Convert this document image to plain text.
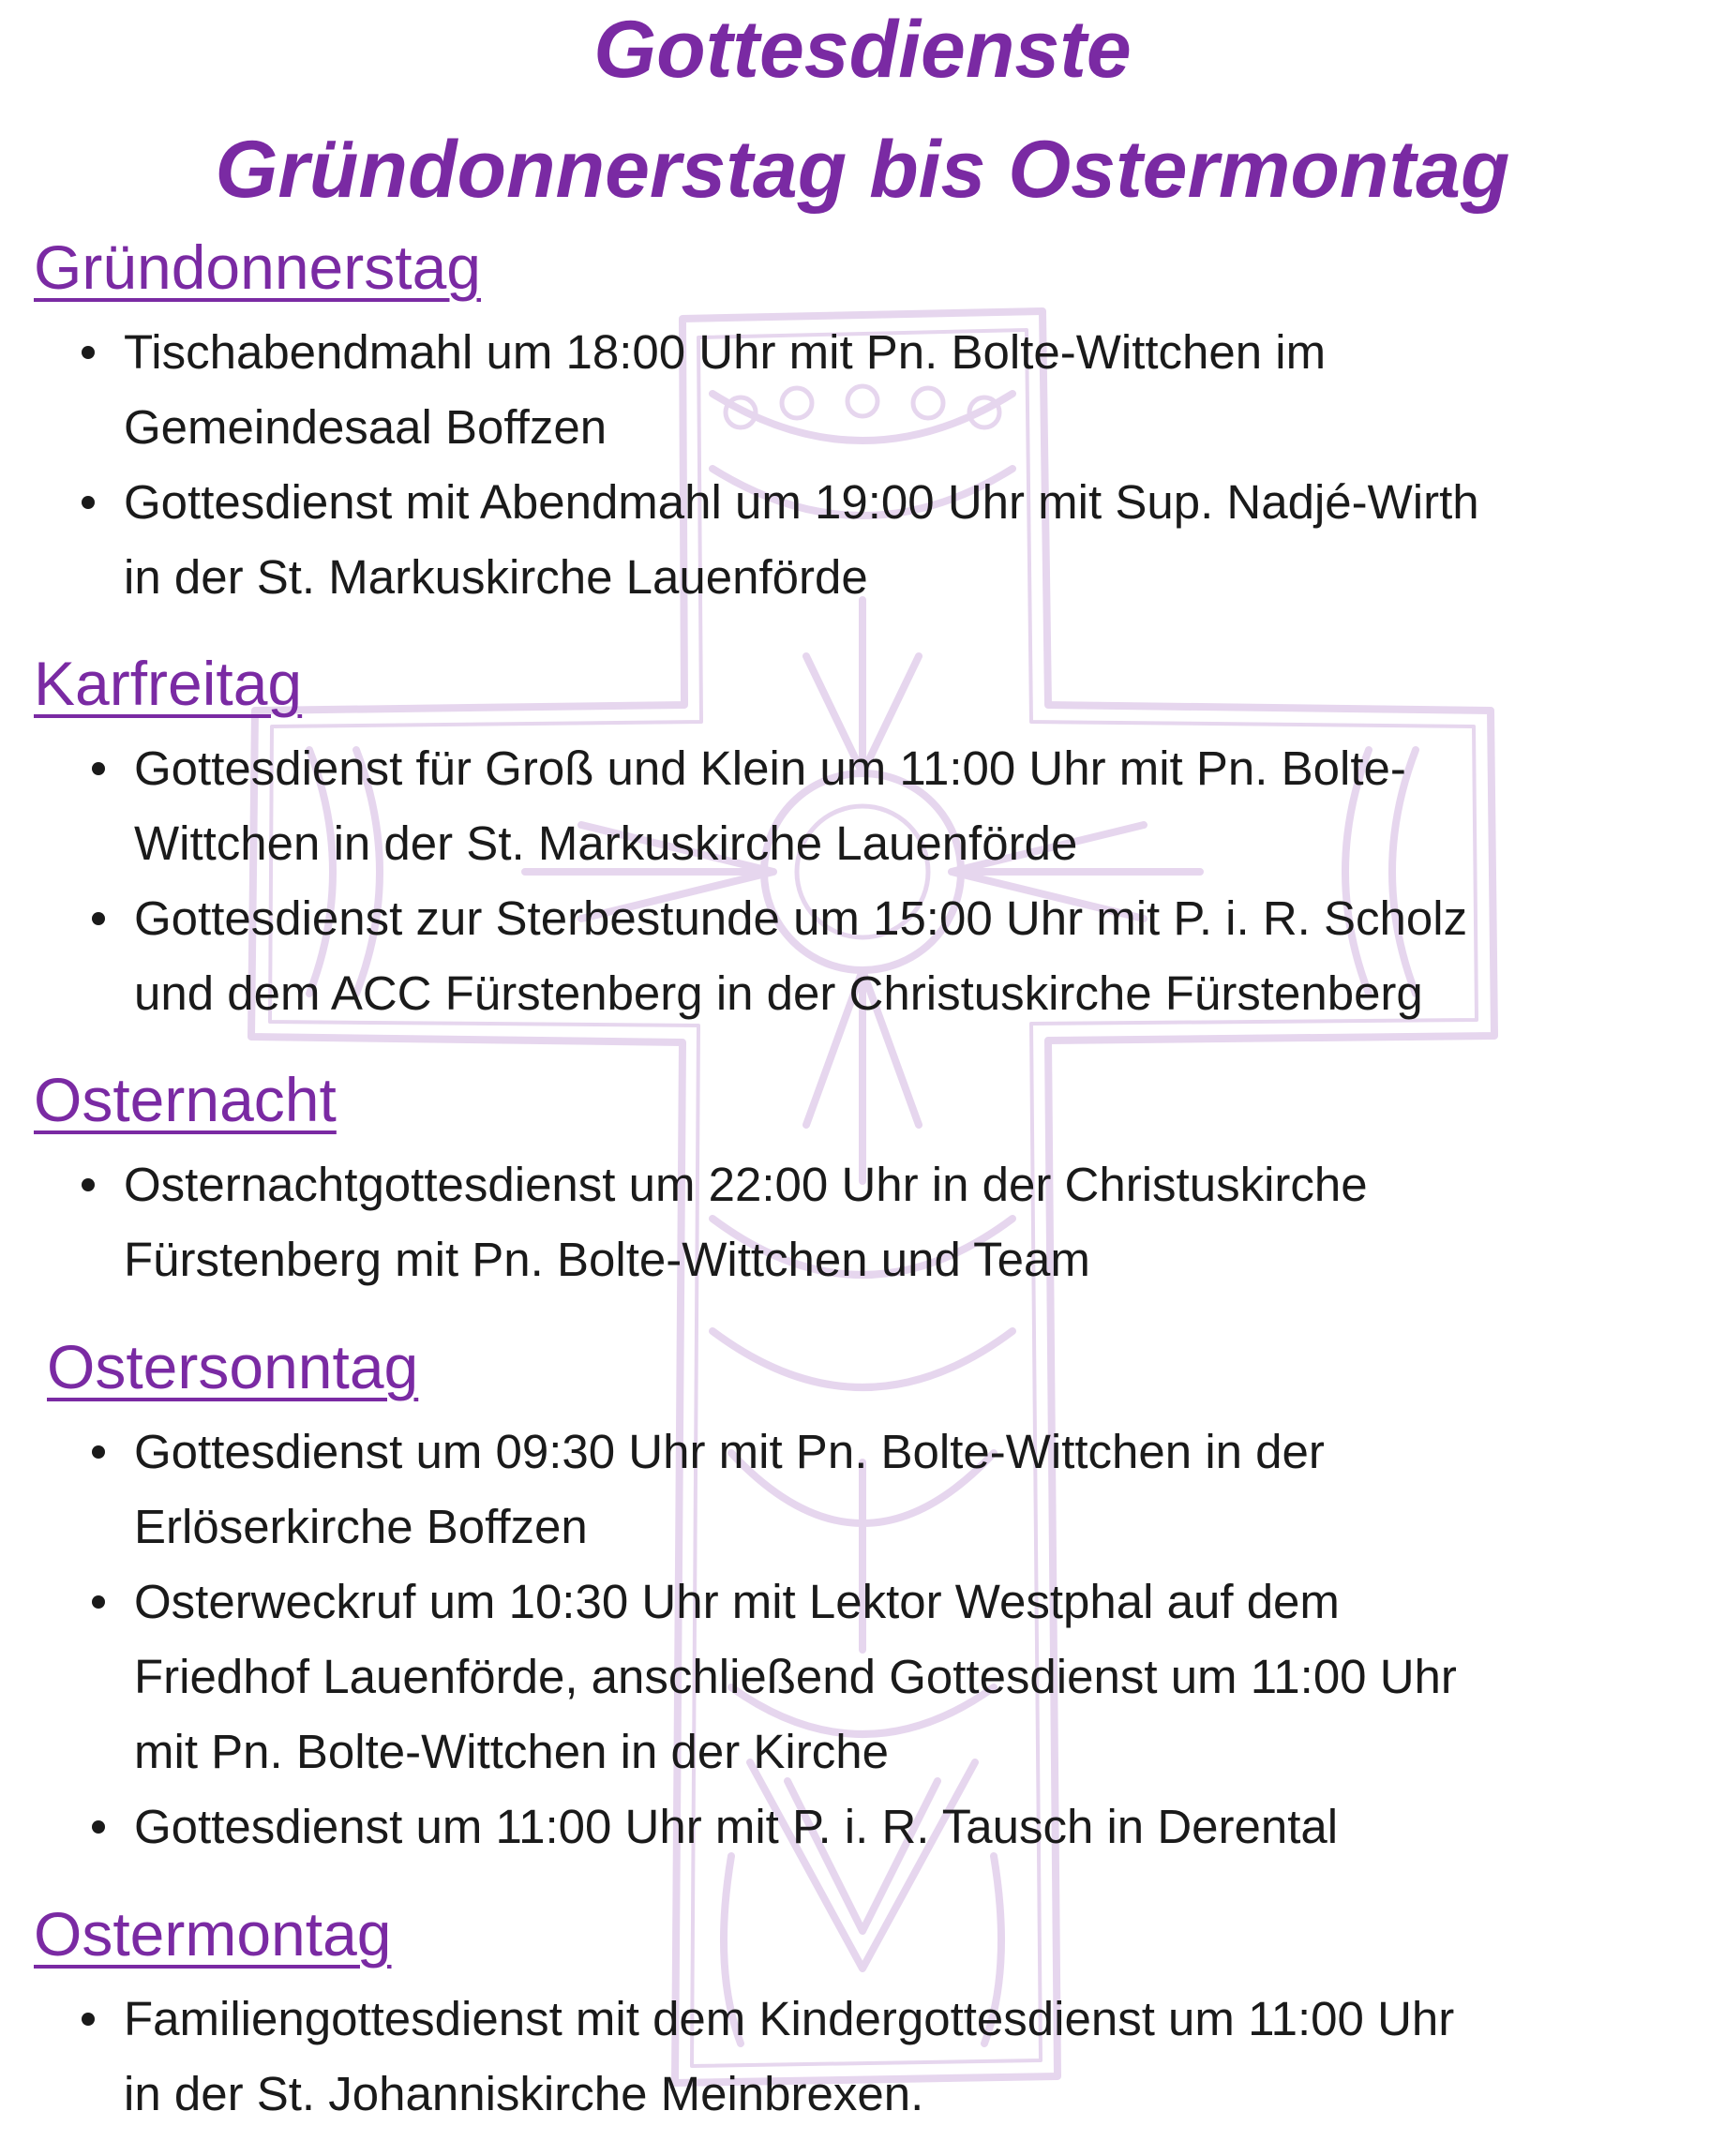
Gottesdienste
Gründonnerstag bis Ostermontag
Gründonnerstag
Tischabendmahl um 18:00 Uhr mit Pn. Bolte-Wittchen im
Gemeindesaal Boffzen
Gottesdienst mit Abendmahl um 19:00 Uhr mit Sup. Nadjé-Wirth
in der St. Markuskirche Lauenförde
Karfreitag
Gottesdienst für Groß und Klein um 11:00 Uhr mit Pn. Bolte-
Wittchen in der St. Markuskirche Lauenförde
Gottesdienst zur Sterbestunde um 15:00 Uhr mit P. i. R. Scholz
und dem ACC Fürstenberg in der Christuskirche Fürstenberg
Osternacht
Osternachtgottesdienst um 22:00 Uhr in der Christuskirche
Fürstenberg mit Pn. Bolte-Wittchen und Team
Ostersonntag
Gottesdienst um 09:30 Uhr mit Pn. Bolte-Wittchen in der
Erlöserkirche Boffzen
Osterweckruf um 10:30 Uhr mit Lektor Westphal auf dem
Friedhof Lauenförde, anschließend Gottesdienst um 11:00 Uhr
mit Pn. Bolte-Wittchen in der Kirche
Gottesdienst um 11:00 Uhr mit P. i. R. Tausch in Derental
Ostermontag
Familiengottesdienst mit dem Kindergottesdienst um 11:00 Uhr
in der St. Johanniskirche Meinbrexen.
